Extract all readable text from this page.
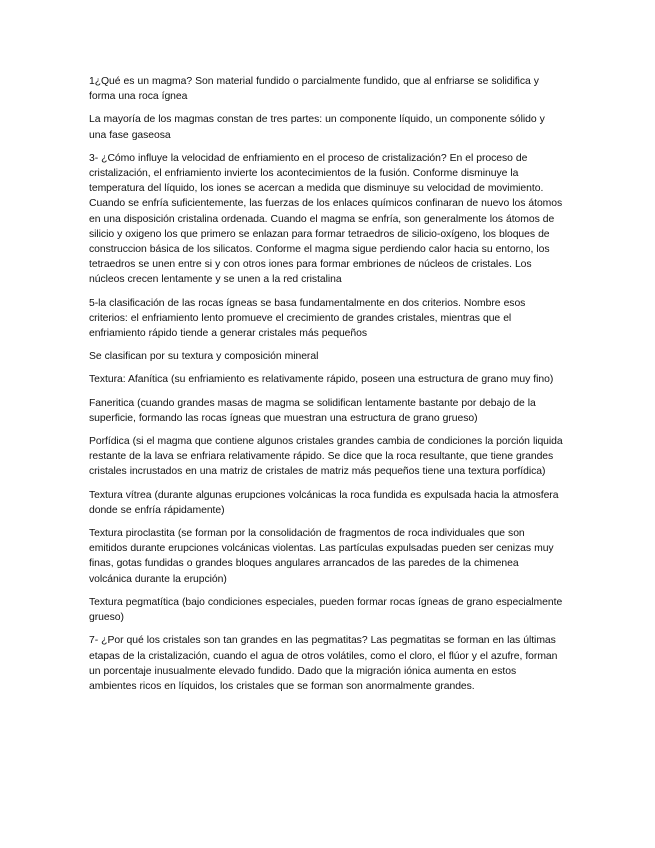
1¿Qué es un magma? Son material fundido o parcialmente fundido, que al enfriarse se solidifica y forma una roca ígnea

La mayoría de los magmas constan de tres partes: un componente líquido, un componente sólido y una fase gaseosa

3- ¿Cómo influye la velocidad de enfriamiento en el proceso de cristalización? En el proceso de cristalización, el enfriamiento invierte los acontecimientos de la fusión. Conforme disminuye la temperatura del líquido, los iones se acercan a medida que disminuye su velocidad de movimiento. Cuando se enfría suficientemente, las fuerzas de los enlaces químicos confinaran de nuevo los átomos en una disposición cristalina ordenada. Cuando el magma se enfría, son generalmente los átomos de silicio y oxigeno los que primero se enlazan para formar tetraedros de silicio-oxígeno, los bloques de construccion básica de los silicatos. Conforme el magma sigue perdiendo calor hacia su entorno, los tetraedros se unen entre si y con otros iones para formar embriones de núcleos de cristales. Los núcleos crecen lentamente y se unen a la red cristalina

5-la clasificación de las rocas ígneas se basa fundamentalmente en dos criterios. Nombre esos criterios: el enfriamiento lento promueve el crecimiento de grandes cristales, mientras que el enfriamiento rápido tiende a generar cristales más pequeños

Se clasifican por su textura y composición mineral

Textura: Afanítica (su enfriamiento es relativamente rápido, poseen una estructura de grano muy fino)

Faneritica (cuando grandes masas de magma se solidifican lentamente bastante por debajo de la superficie, formando las rocas ígneas que muestran una estructura de grano grueso)

Porfídica (si el magma que contiene algunos cristales grandes cambia de condiciones la porción liquida restante de la lava se enfriara relativamente rápido. Se dice que la roca resultante, que tiene grandes cristales incrustados en una matriz de cristales de matriz más pequeños tiene una textura porfídica)

Textura vítrea (durante algunas erupciones volcánicas la roca fundida es expulsada hacia la atmosfera donde se enfría rápidamente)

Textura piroclastita (se forman por la consolidación de fragmentos de roca individuales que son emitidos durante erupciones volcánicas violentas. Las partículas expulsadas pueden ser cenizas muy finas, gotas fundidas o grandes bloques angulares arrancados de las paredes de la chimenea volcánica durante la erupción)

Textura pegmatítica (bajo condiciones especiales, pueden formar rocas ígneas de grano especialmente grueso)

7- ¿Por qué los cristales son tan grandes en las pegmatitas? Las pegmatitas se forman en las últimas etapas de la cristalización, cuando el agua de otros volátiles, como el cloro, el flúor y el azufre, forman un porcentaje inusualmente elevado fundido. Dado que la migración iónica aumenta en estos ambientes ricos en líquidos, los cristales que se forman son anormalmente grandes.
